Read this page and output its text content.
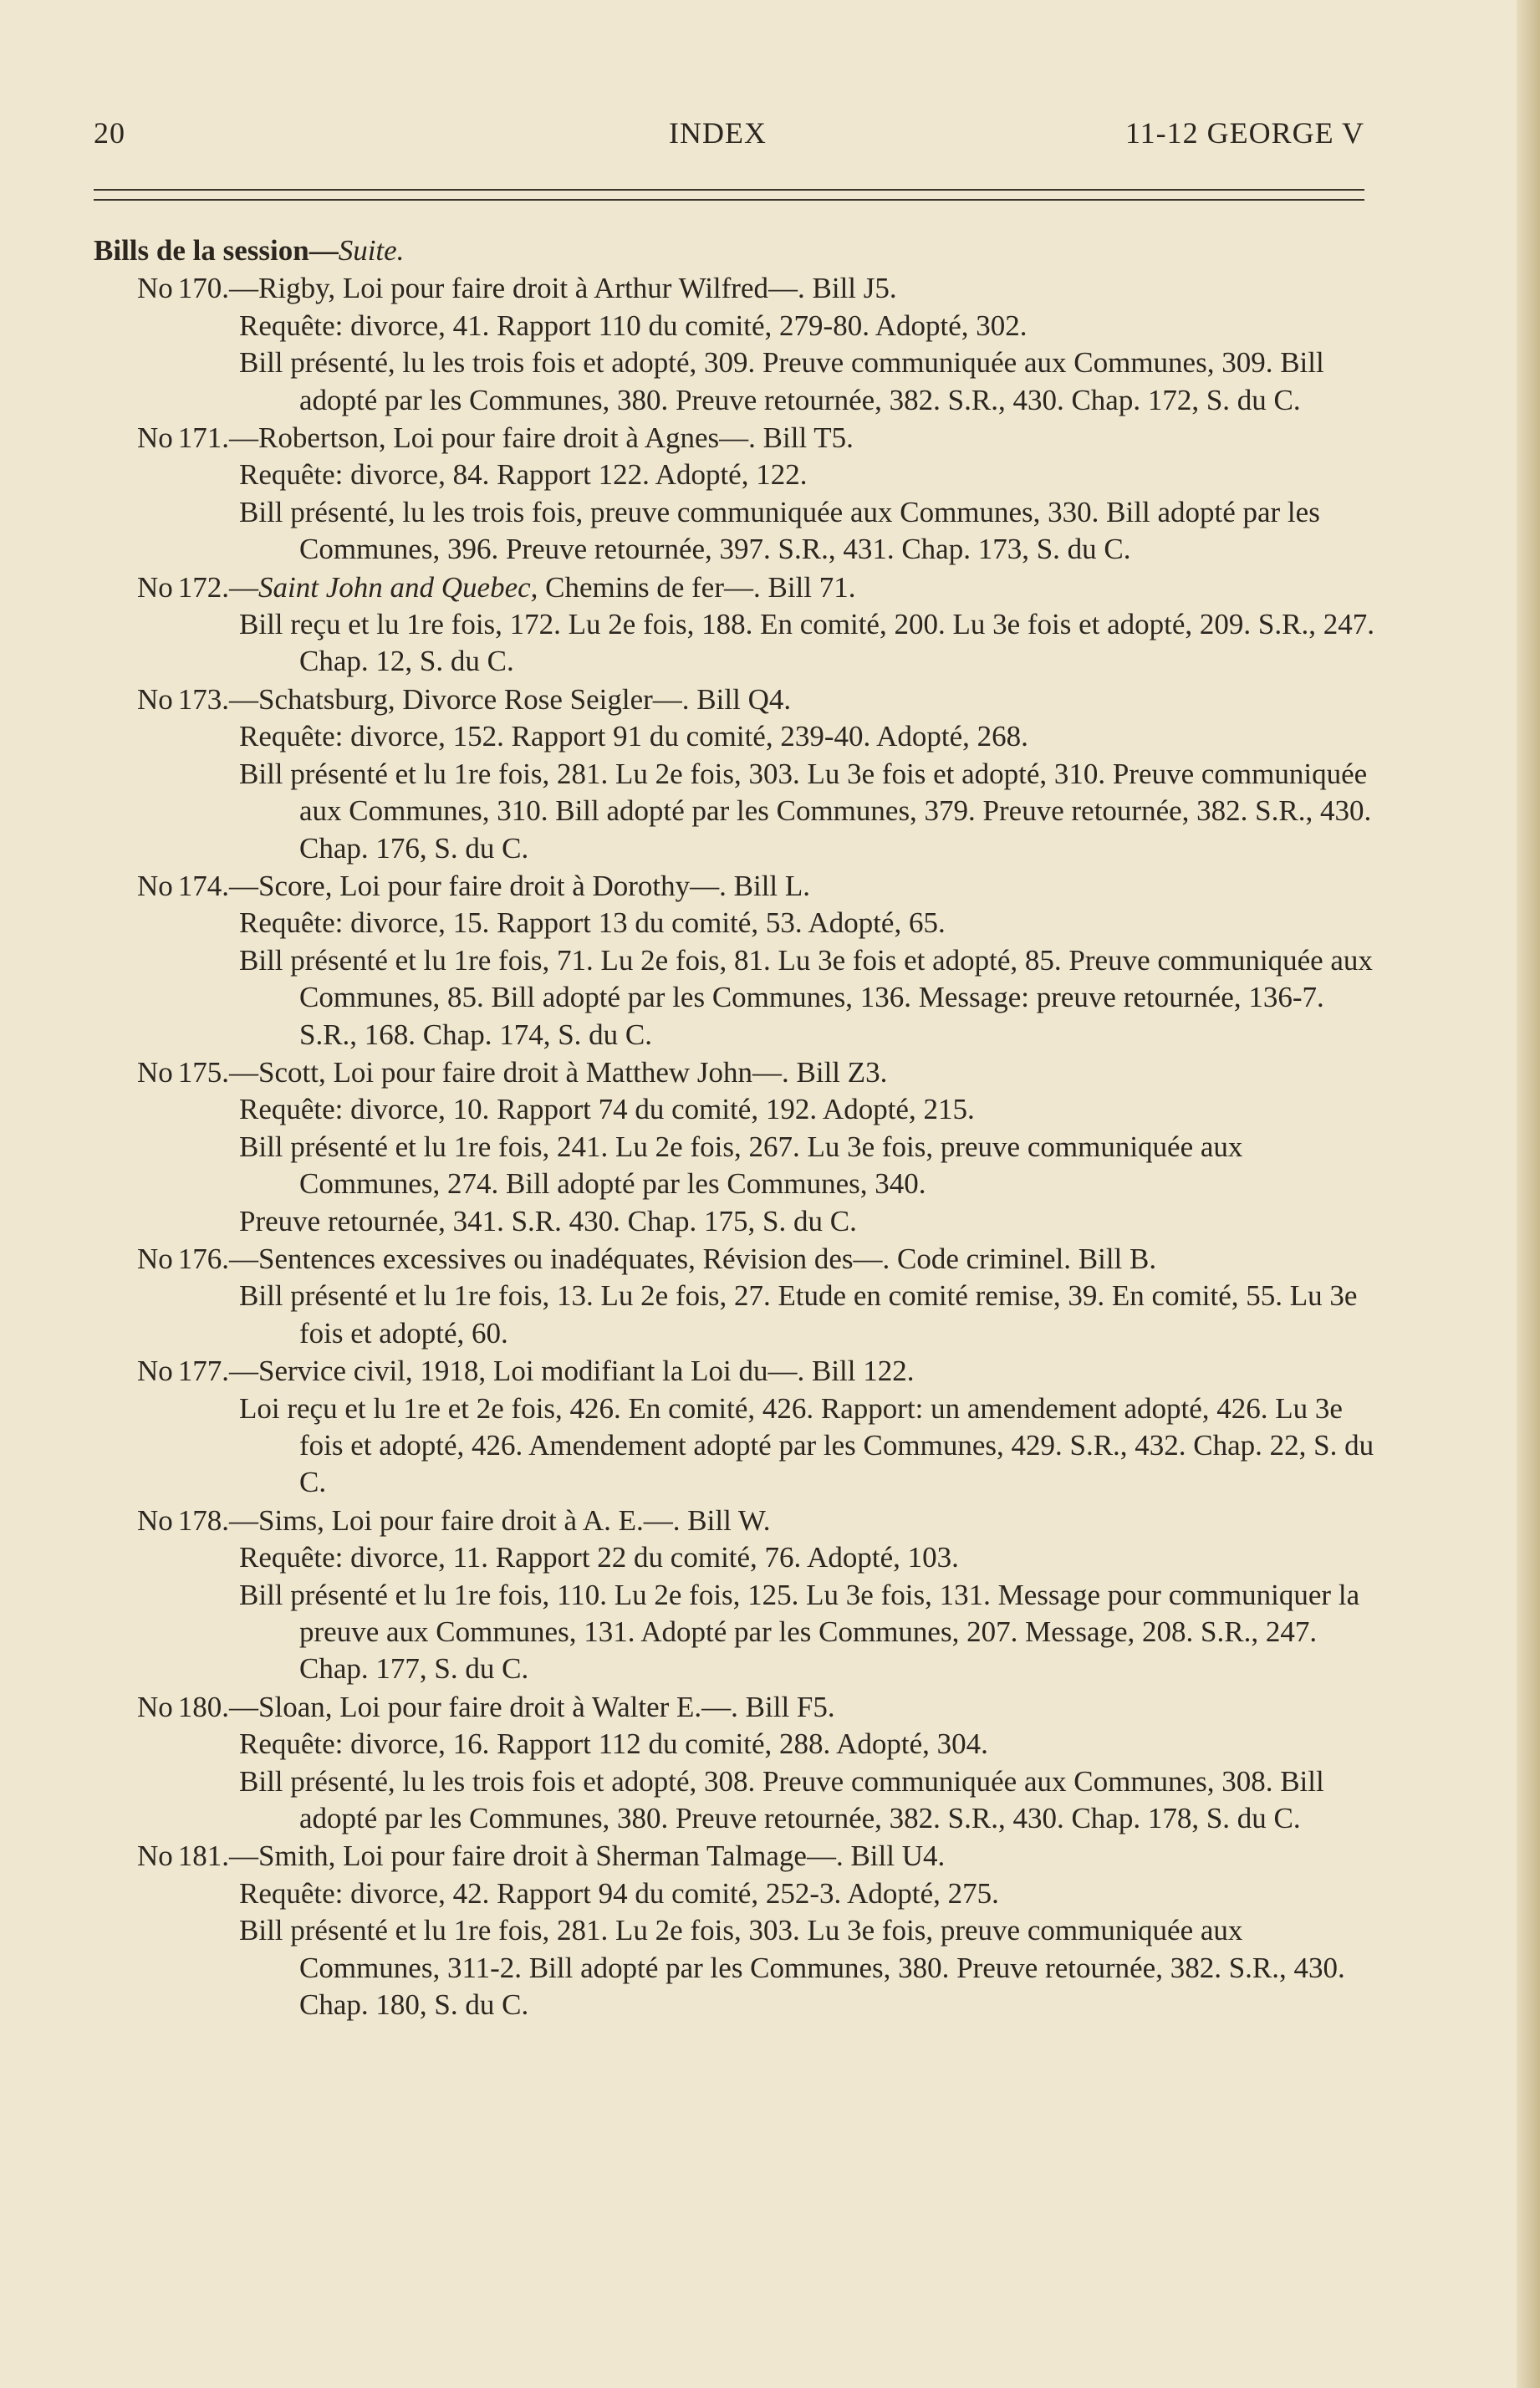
20	INDEX	11-12 GEORGE V
Bills de la session—Suite.
No 170.—Rigby, Loi pour faire droit à Arthur Wilfred—. Bill J5.
Requête: divorce, 41. Rapport 110 du comité, 279-80. Adopté, 302.
Bill présenté, lu les trois fois et adopté, 309. Preuve communiquée aux Communes, 309. Bill adopté par les Communes, 380. Preuve retournée, 382. S.R., 430. Chap. 172, S. du C.
No 171.—Robertson, Loi pour faire droit à Agnes—. Bill T5.
Requête: divorce, 84. Rapport 122. Adopté, 122.
Bill présenté, lu les trois fois, preuve communiquée aux Communes, 330. Bill adopté par les Communes, 396. Preuve retournée, 397. S.R., 431. Chap. 173, S. du C.
No 172.—Saint John and Quebec, Chemins de fer—. Bill 71.
Bill reçu et lu 1re fois, 172. Lu 2e fois, 188. En comité, 200. Lu 3e fois et adopté, 209. S.R., 247. Chap. 12, S. du C.
No 173.—Schatsburg, Divorce Rose Seigler—. Bill Q4.
Requête: divorce, 152. Rapport 91 du comité, 239-40. Adopté, 268.
Bill présenté et lu 1re fois, 281. Lu 2e fois, 303. Lu 3e fois et adopté, 310. Preuve communiquée aux Communes, 310. Bill adopté par les Communes, 379. Preuve retournée, 382. S.R., 430. Chap. 176, S. du C.
No 174.—Score, Loi pour faire droit à Dorothy—. Bill L.
Requête: divorce, 15. Rapport 13 du comité, 53. Adopté, 65.
Bill présenté et lu 1re fois, 71. Lu 2e fois, 81. Lu 3e fois et adopté, 85. Preuve communiquée aux Communes, 85. Bill adopté par les Communes, 136. Message: preuve retournée, 136-7. S.R., 168. Chap. 174, S. du C.
No 175.—Scott, Loi pour faire droit à Matthew John—. Bill Z3.
Requête: divorce, 10. Rapport 74 du comité, 192. Adopté, 215.
Bill présenté et lu 1re fois, 241. Lu 2e fois, 267. Lu 3e fois, preuve communiquée aux Communes, 274. Bill adopté par les Communes, 340.
Preuve retournée, 341. S.R. 430. Chap. 175, S. du C.
No 176.—Sentences excessives ou inadéquates, Révision des—. Code criminel. Bill B.
Bill présenté et lu 1re fois, 13. Lu 2e fois, 27. Etude en comité remise, 39. En comité, 55. Lu 3e fois et adopté, 60.
No 177.—Service civil, 1918, Loi modifiant la Loi du—. Bill 122.
Loi reçu et lu 1re et 2e fois, 426. En comité, 426. Rapport: un amendement adopté, 426. Lu 3e fois et adopté, 426. Amendement adopté par les Communes, 429. S.R., 432. Chap. 22, S. du C.
No 178.—Sims, Loi pour faire droit à A. E.—. Bill W.
Requête: divorce, 11. Rapport 22 du comité, 76. Adopté, 103.
Bill présenté et lu 1re fois, 110. Lu 2e fois, 125. Lu 3e fois, 131. Message pour communiquer la preuve aux Communes, 131. Adopté par les Communes, 207. Message, 208. S.R., 247. Chap. 177, S. du C.
No 180.—Sloan, Loi pour faire droit à Walter E.—. Bill F5.
Requête: divorce, 16. Rapport 112 du comité, 288. Adopté, 304.
Bill présenté, lu les trois fois et adopté, 308. Preuve communiquée aux Communes, 308. Bill adopté par les Communes, 380. Preuve retournée, 382. S.R., 430. Chap. 178, S. du C.
No 181.—Smith, Loi pour faire droit à Sherman Talmage—. Bill U4.
Requête: divorce, 42. Rapport 94 du comité, 252-3. Adopté, 275.
Bill présenté et lu 1re fois, 281. Lu 2e fois, 303. Lu 3e fois, preuve communiquée aux Communes, 311-2. Bill adopté par les Communes, 380. Preuve retournée, 382. S.R., 430. Chap. 180, S. du C.
